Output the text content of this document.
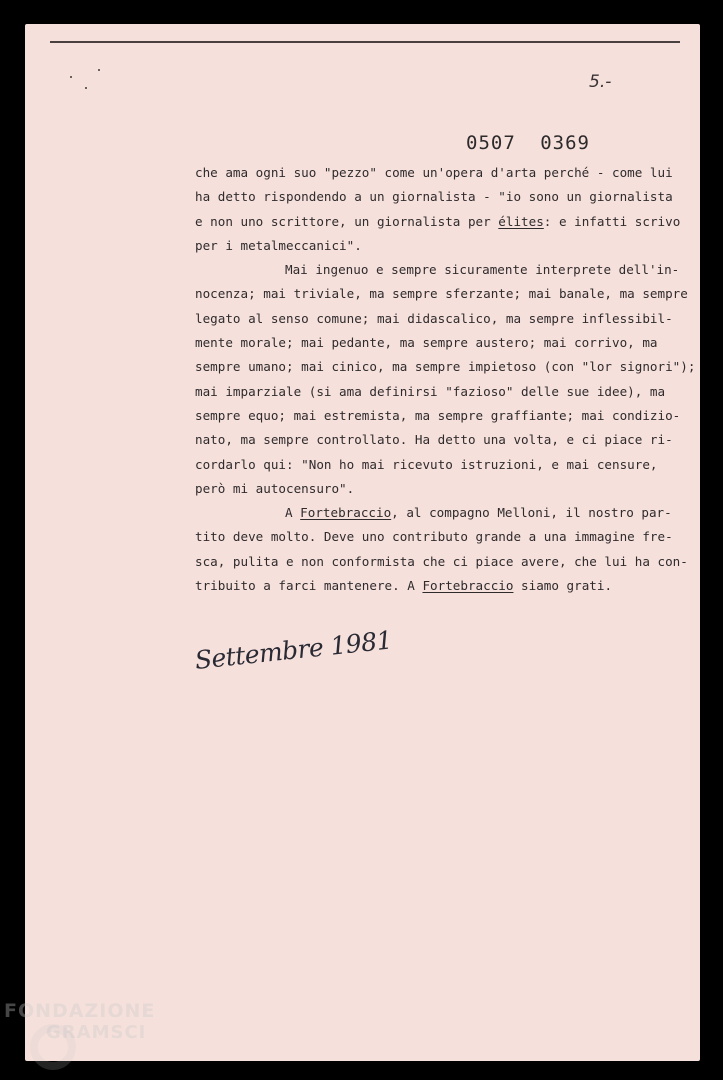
5.-
0507 0369

che ama ogni suo "pezzo" come un'opera d'arta perché - come lui
ha detto rispondendo a un giornalista - "io sono un giornalista
e non uno scrittore, un giornalista per élites: e infatti scrivo
per i metalmeccanici".

Mai ingenuo e sempre sicuramente interprete dell'in-
nocenza; mai triviale, ma sempre sferzante; mai banale, ma sempre
legato al senso comune; mai didascalico, ma sempre inflessibil-
mente morale; mai pedante, ma sempre austero; mai corrivo, ma
sempre umano; mai cinico, ma sempre impietoso (con "lor signori");
mai imparziale (si ama definirsi "fazioso" delle sue idee), ma
sempre equo; mai estremista, ma sempre graffiante; mai condizio-
nato, ma sempre controllato. Ha detto una volta, e ci piace ri-
cordarlo qui: "Non ho mai ricevuto istruzioni, e mai censure,
però mi autocensuro".

A Fortebraccio, al compagno Melloni, il nostro par-
tito deve molto. Deve uno contributo grande a una immagine fre-
sca, pulita e non conformista che ci piace avere, che lui ha con-
tribuito a farci mantenere. A Fortebraccio siamo grati.

Settembre 1981
FONDAZIONE
GRAMSCI
